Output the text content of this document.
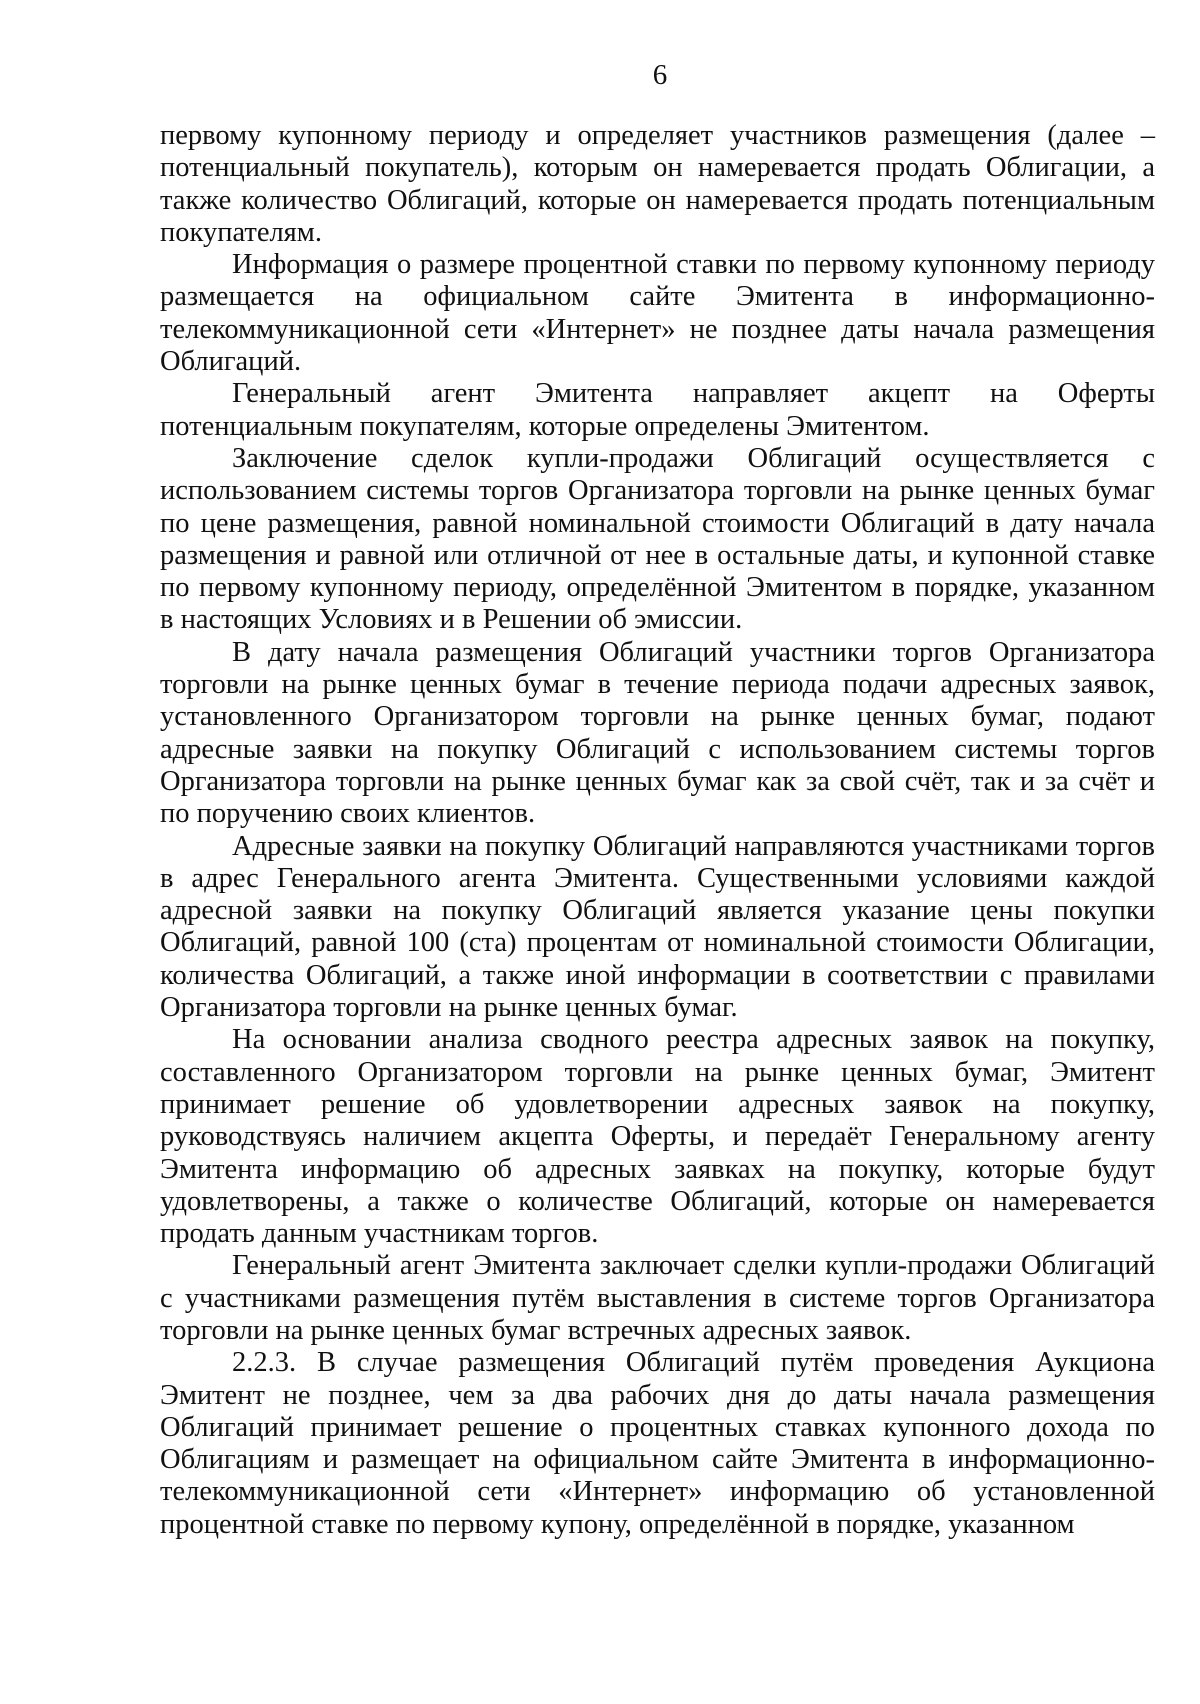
6

первому купонному периоду и определяет участников размещения (далее – потенциальный покупатель), которым он намеревается продать Облигации, а также количество Облигаций, которые он намеревается продать потенциальным покупателям.

Информация о размере процентной ставки по первому купонному периоду размещается на официальном сайте Эмитента в информационно-телекоммуникационной сети «Интернет» не позднее даты начала размещения Облигаций.

Генеральный агент Эмитента направляет акцепт на Оферты потенциальным покупателям, которые определены Эмитентом.

Заключение сделок купли-продажи Облигаций осуществляется с использованием системы торгов Организатора торговли на рынке ценных бумаг по цене размещения, равной номинальной стоимости Облигаций в дату начала размещения и равной или отличной от нее в остальные даты, и купонной ставке по первому купонному периоду, определённой Эмитентом в порядке, указанном в настоящих Условиях и в Решении об эмиссии.

В дату начала размещения Облигаций участники торгов Организатора торговли на рынке ценных бумаг в течение периода подачи адресных заявок, установленного Организатором торговли на рынке ценных бумаг, подают адресные заявки на покупку Облигаций с использованием системы торгов Организатора торговли на рынке ценных бумаг как за свой счёт, так и за счёт и по поручению своих клиентов.

Адресные заявки на покупку Облигаций направляются участниками торгов в адрес Генерального агента Эмитента. Существенными условиями каждой адресной заявки на покупку Облигаций является указание цены покупки Облигаций, равной 100 (ста) процентам от номинальной стоимости Облигации, количества Облигаций, а также иной информации в соответствии с правилами Организатора торговли на рынке ценных бумаг.

На основании анализа сводного реестра адресных заявок на покупку, составленного Организатором торговли на рынке ценных бумаг, Эмитент принимает решение об удовлетворении адресных заявок на покупку, руководствуясь наличием акцепта Оферты, и передаёт Генеральному агенту Эмитента информацию об адресных заявках на покупку, которые будут удовлетворены, а также о количестве Облигаций, которые он намеревается продать данным участникам торгов.

Генеральный агент Эмитента заключает сделки купли-продажи Облигаций с участниками размещения путём выставления в системе торгов Организатора торговли на рынке ценных бумаг встречных адресных заявок.

2.2.3. В случае размещения Облигаций путём проведения Аукциона Эмитент не позднее, чем за два рабочих дня до даты начала размещения Облигаций принимает решение о процентных ставках купонного дохода по Облигациям и размещает на официальном сайте Эмитента в информационно-телекоммуникационной сети «Интернет» информацию об установленной процентной ставке по первому купону, определённой в порядке, указанном
